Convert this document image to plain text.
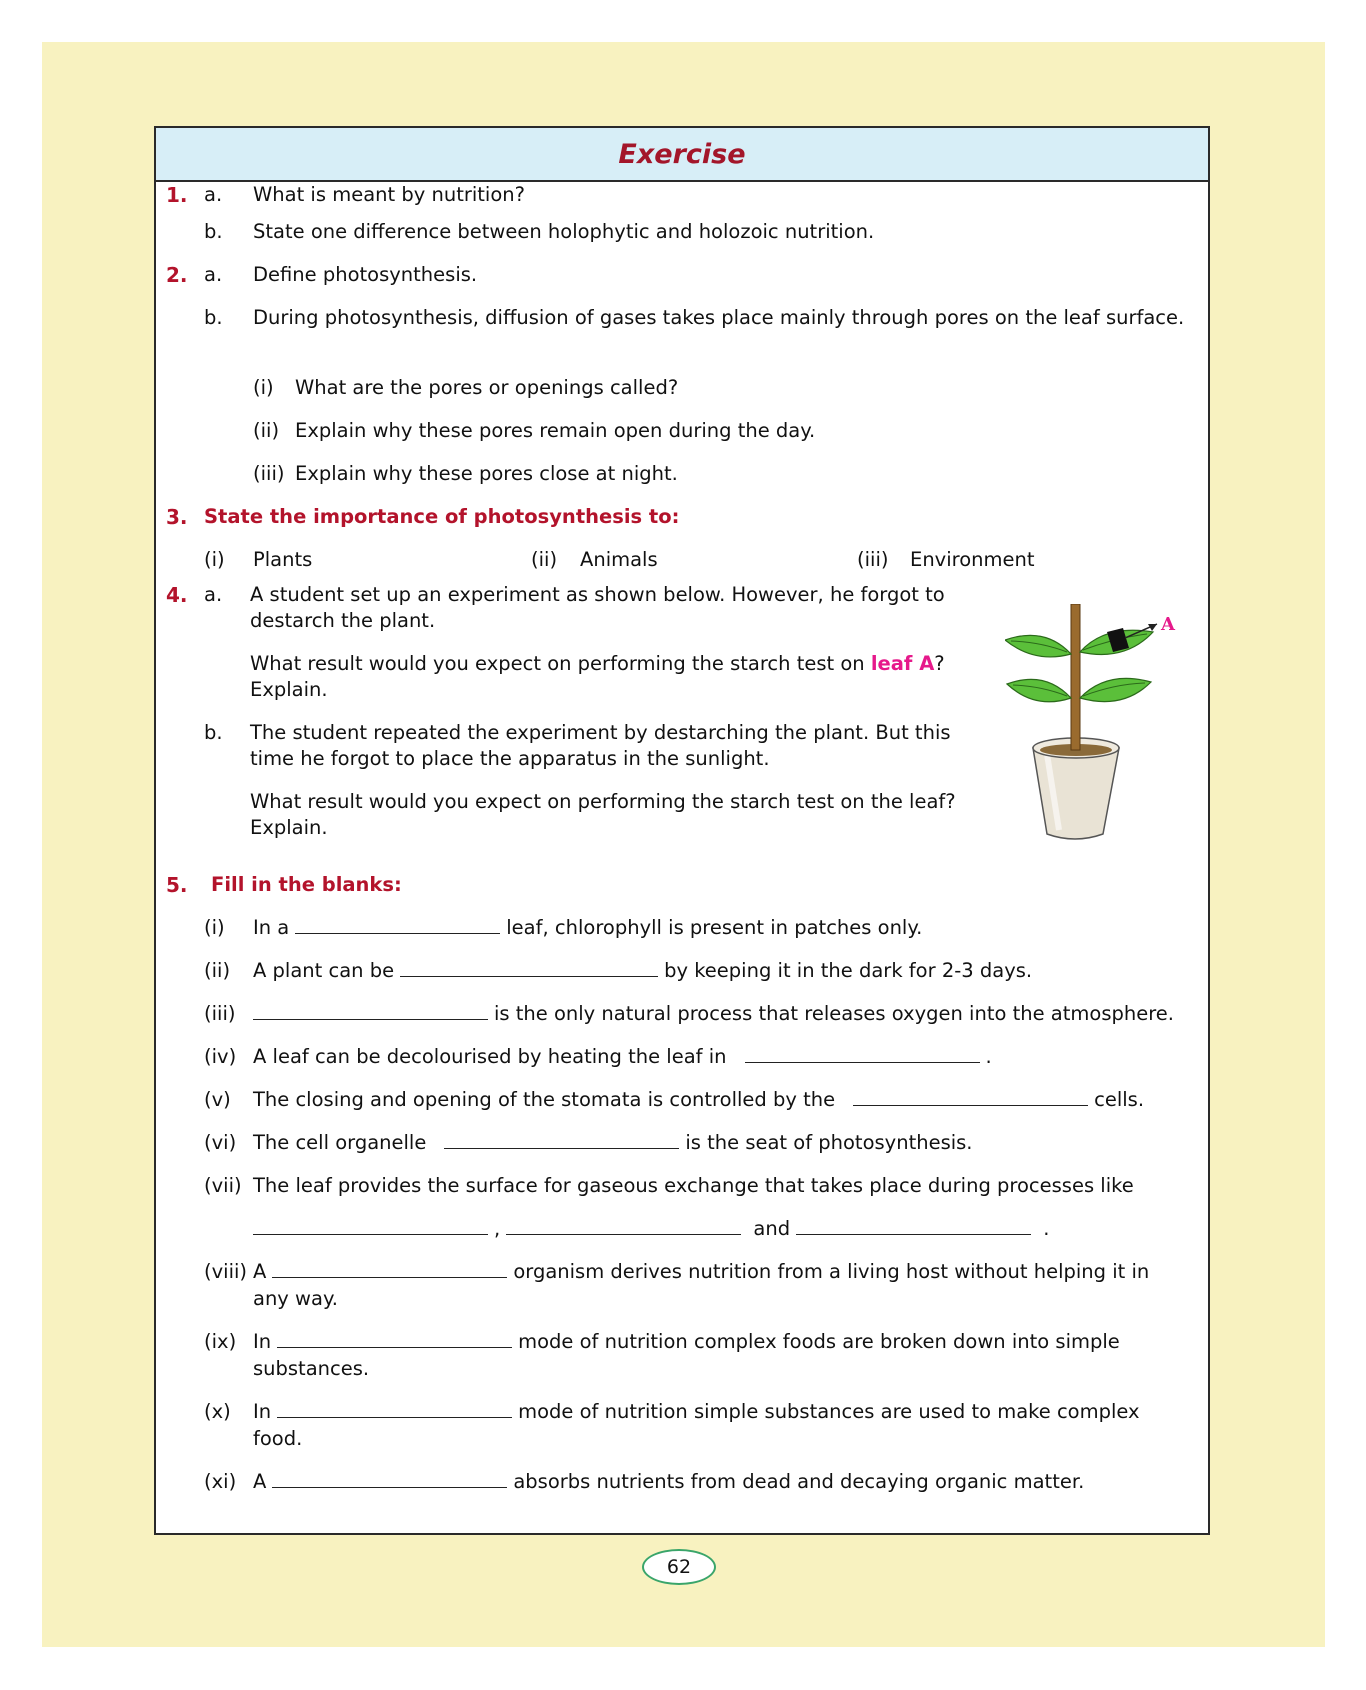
Exercise
1. a. What is meant by nutrition?
b. State one difference between holophytic and holozoic nutrition.
2. a. Define photosynthesis.
b. During photosynthesis, diffusion of gases takes place mainly through pores on the leaf surface.
(i) What are the pores or openings called?
(ii) Explain why these pores remain open during the day.
(iii) Explain why these pores close at night.
3. State the importance of photosynthesis to:
(i) Plants	(ii) Animals	(iii) Environment
4. a. A student set up an experiment as shown below. However, he forgot to destarch the plant.
What result would you expect on performing the starch test on leaf A? Explain.
b. The student repeated the experiment by destarching the plant. But this time he forgot to place the apparatus in the sunlight.
What result would you expect on performing the starch test on the leaf? Explain.
A
5. Fill in the blanks:
(i) In a	leaf, chlorophyll is present in patches only.
(ii) A plant can be	by keeping it in the dark for 2-3 days.
(iii)	is the only natural process that releases oxygen into the atmosphere.
(iv) A leaf can be decolourised by heating the leaf in	.
(v) The closing and opening of the stomata is controlled by the	cells.
(vi) The cell organelle	is the seat of photosynthesis.
(vii) The leaf provides the surface for gaseous exchange that takes place during processes like
,	and	.
(viii) A	organism derives nutrition from a living host without helping it in
any way.
(ix) In	mode of nutrition complex foods are broken down into simple
substances.
(x) In	mode of nutrition simple substances are used to make complex
food.
(xi) A	absorbs nutrients from dead and decaying organic matter.
62
